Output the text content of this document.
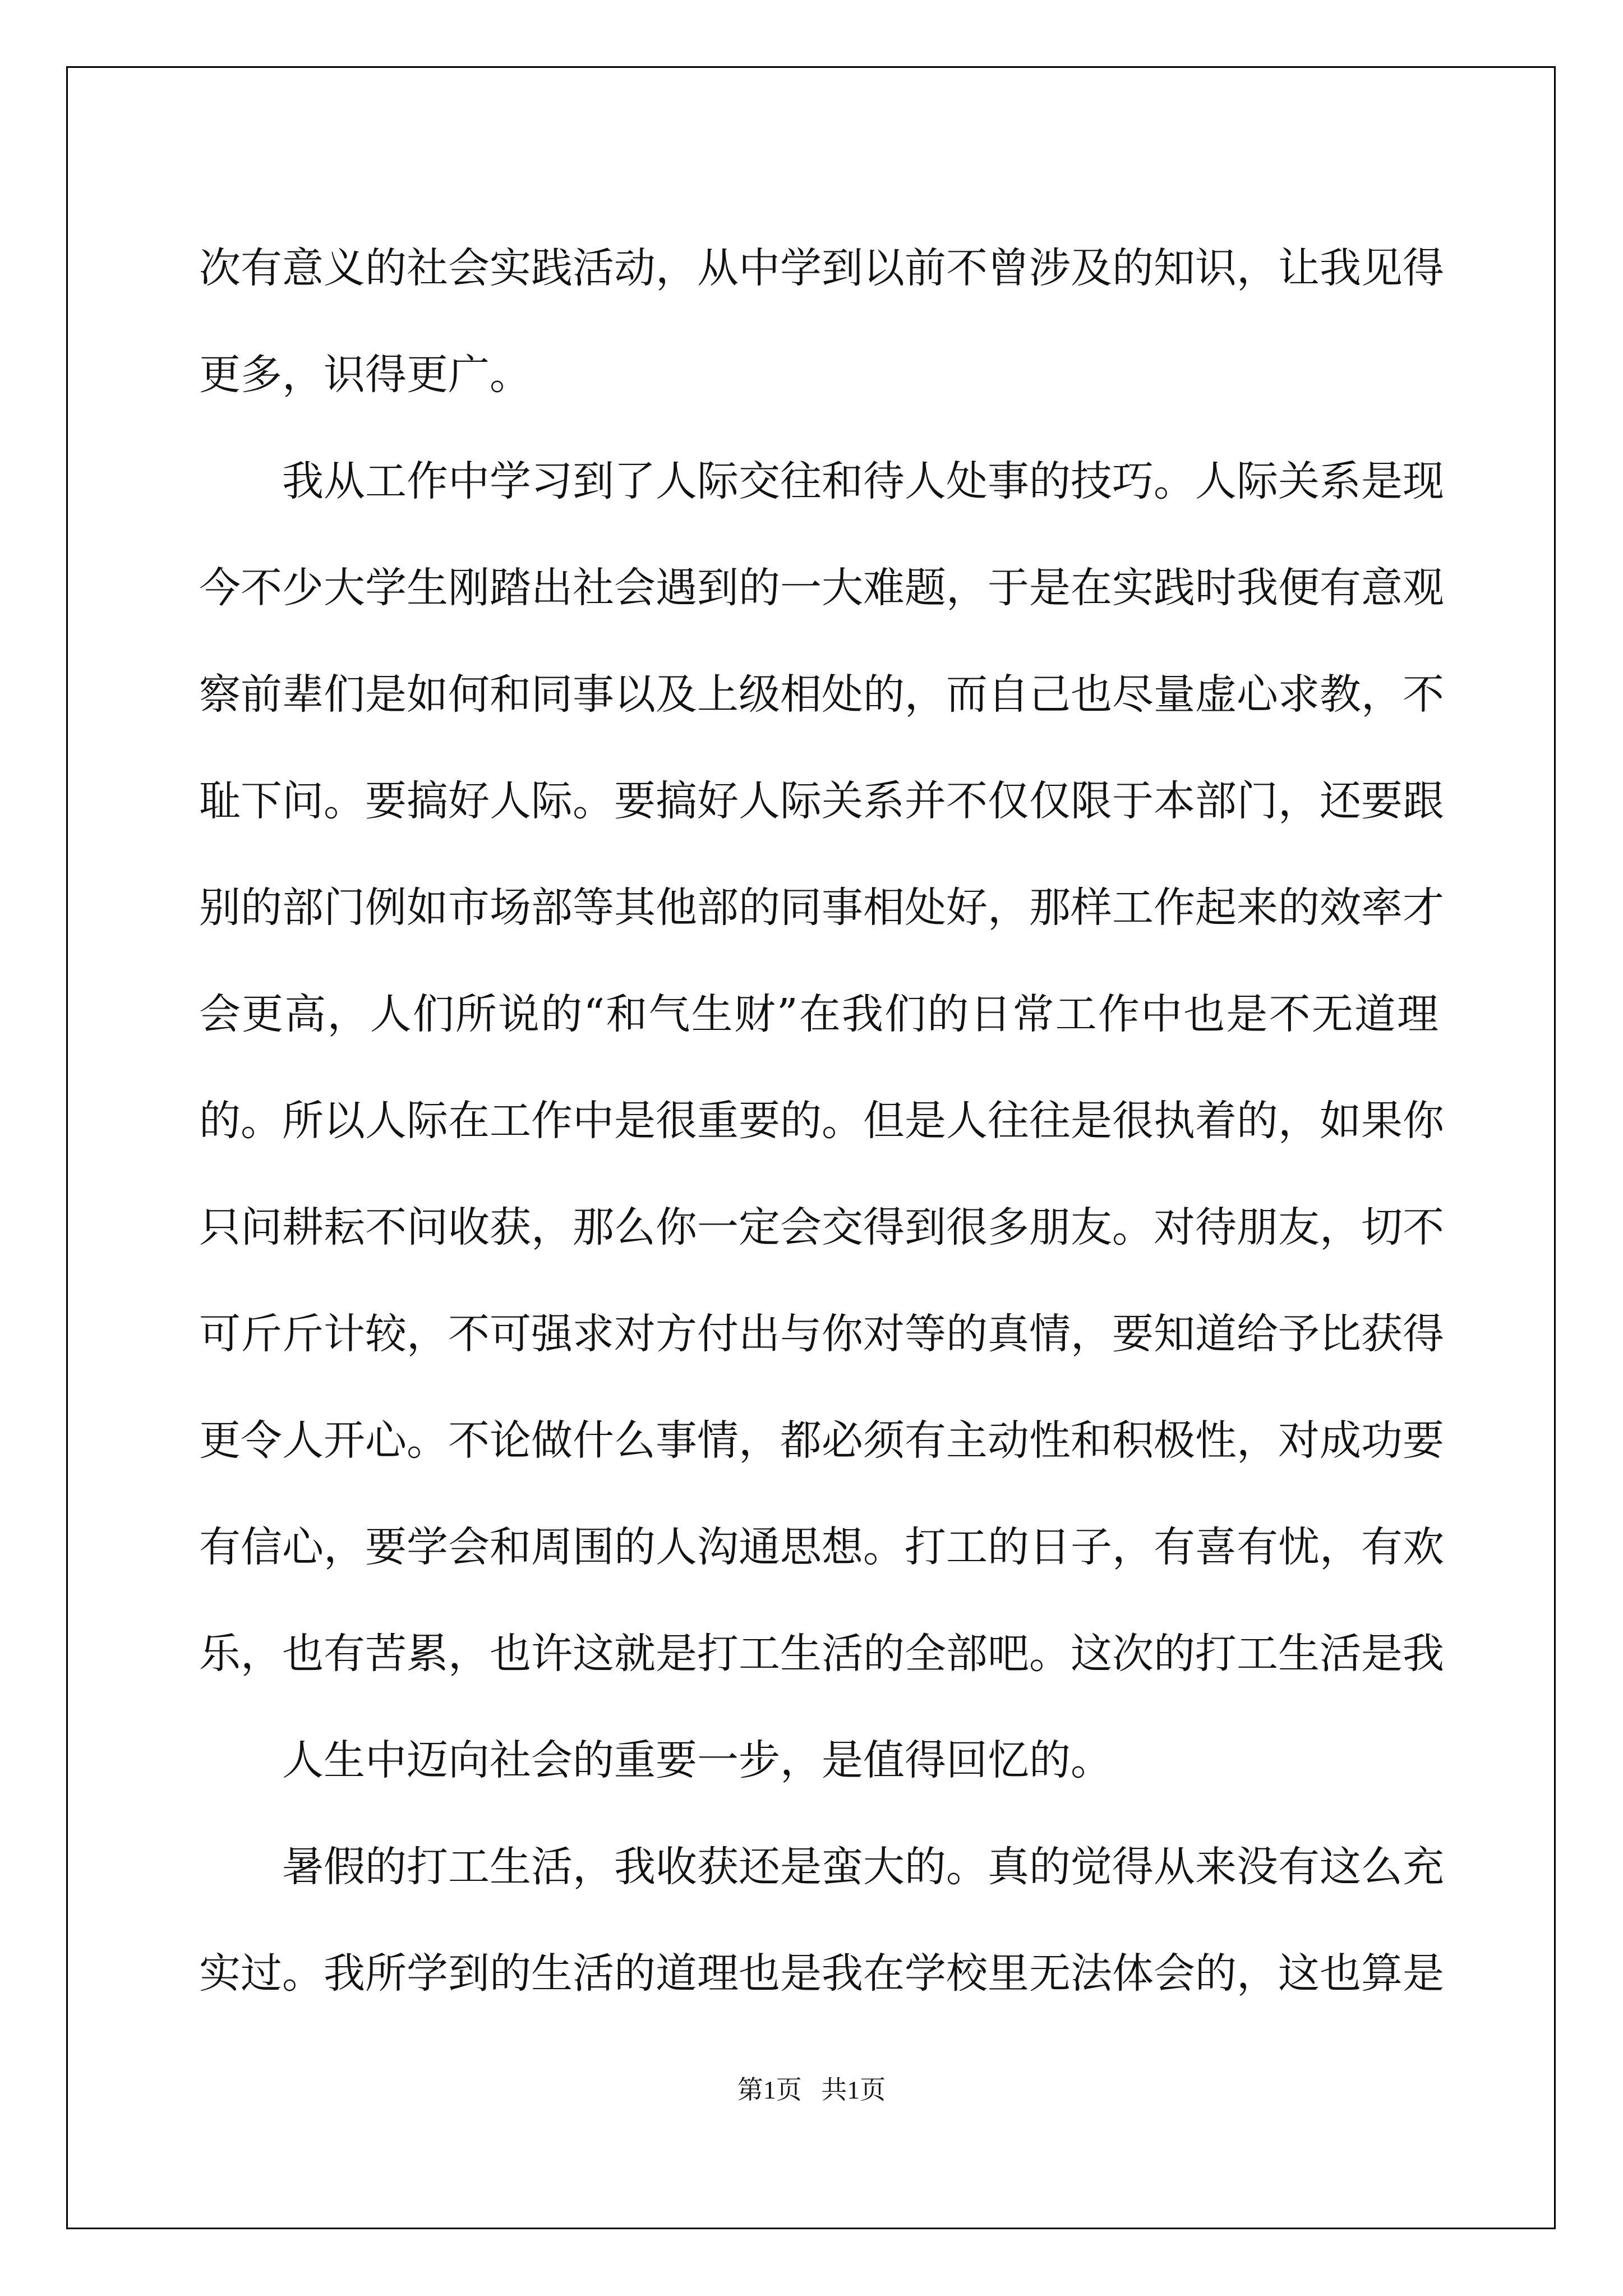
次有意义的社会实践活动，从中学到以前不曾涉及的知识，让我见得
更多，识得更广。
我从工作中学习到了人际交往和待人处事的技巧。人际关系是现
今不少大学生刚踏出社会遇到的一大难题，于是在实践时我便有意观
察前辈们是如何和同事以及上级相处的，而自己也尽量虚心求教，不
耻下问。要搞好人际。要搞好人际关系并不仅仅限于本部门，还要跟
别的部门例如市场部等其他部的同事相处好，那样工作起来的效率才
会更高，人们所说的“和气生财”在我们的日常工作中也是不无道理
的。所以人际在工作中是很重要的。但是人往往是很执着的，如果你
只问耕耘不问收获，那么你一定会交得到很多朋友。对待朋友，切不
可斤斤计较，不可强求对方付出与你对等的真情，要知道给予比获得
更令人开心。不论做什么事情，都必须有主动性和积极性，对成功要
有信心，要学会和周围的人沟通思想。打工的日子，有喜有忧，有欢
乐，也有苦累，也许这就是打工生活的全部吧。这次的打工生活是我
人生中迈向社会的重要一步，是值得回忆的。
暑假的打工生活，我收获还是蛮大的。真的觉得从来没有这么充
实过。我所学到的生活的道理也是我在学校里无法体会的，这也算是
第1页   共1页
